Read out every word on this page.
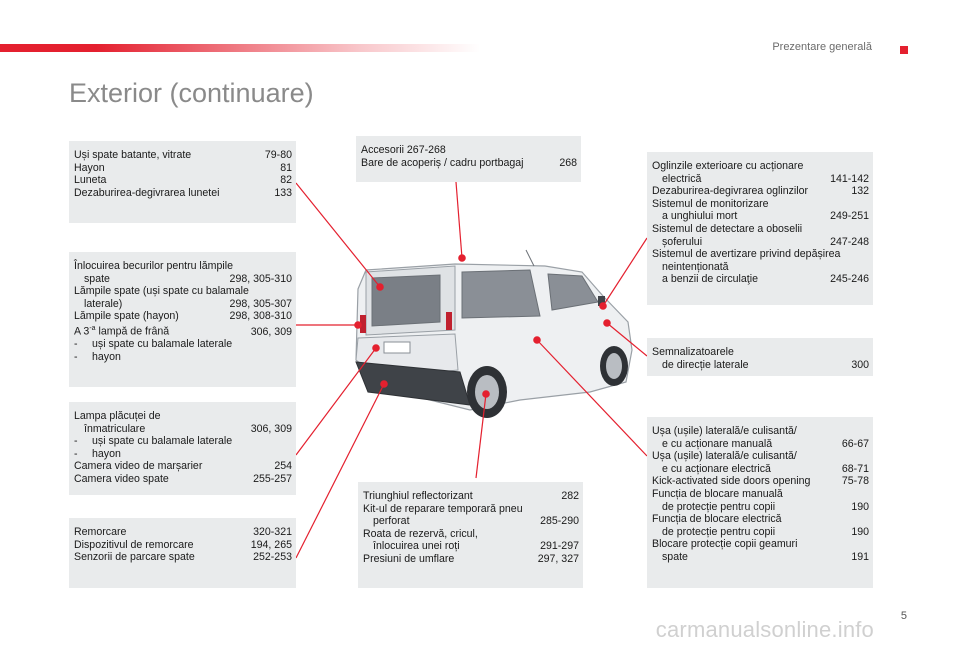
Prezentare generală
Exterior (continuare)
Uși spate batante, vitrate	79-80
Hayon	81
Luneta	82
Dezaburirea-degivrarea lunetei	133
Înlocuirea becurilor pentru lămpile
spate	298, 305-310
Lămpile spate (uși spate cu balamale
laterale)	298, 305-307
Lămpile spate (hayon)	298, 308-310
A $3^{-a}$ lampă de frână	306, 309
-	uși spate cu balamale laterale
-	hayon
Lampa plăcuței de
înmatriculare	306, 309
-	uși spate cu balamale laterale
-	hayon
Camera video de marșarier	254
Camera video spate	255-257
Remorcare	320-321
Dispozitivul de remorcare	194, 265
Senzorii de parcare spate	252-253
Accesorii 267-268
Bare de acoperiș / cadru portbagaj	268
Triunghiul reflectorizant	282
Kit-ul de reparare temporară pneu
perforat	285-290
Roata de rezervă, cricul,
înlocuirea unei roți	291-297
Presiuni de umflare	297, 327
Oglinzile exterioare cu acționare
electrică	141-142
Dezaburirea-degivrarea oglinzilor	132
Sistemul de monitorizare
a unghiului mort	249-251
Sistemul de detectare a oboselii
șoferului	247-248
Sistemul de avertizare privind depășirea
neintenționată
a benzii de circulaţie	245-246
Semnalizatoarele
de direcție laterale	300
Ușa (ușile) laterală/e culisantă/
e cu acționare manuală	66-67
Ușa (ușile) laterală/e culisantă/
e cu acționare electrică	68-71
Kick-activated side doors opening	75-78
Funcția de blocare manuală
de protecție pentru copii	190
Funcția de blocare electrică
de protecție pentru copii	190
Blocare protecție copii geamuri
spate	191
5
carmanualsonline.info
